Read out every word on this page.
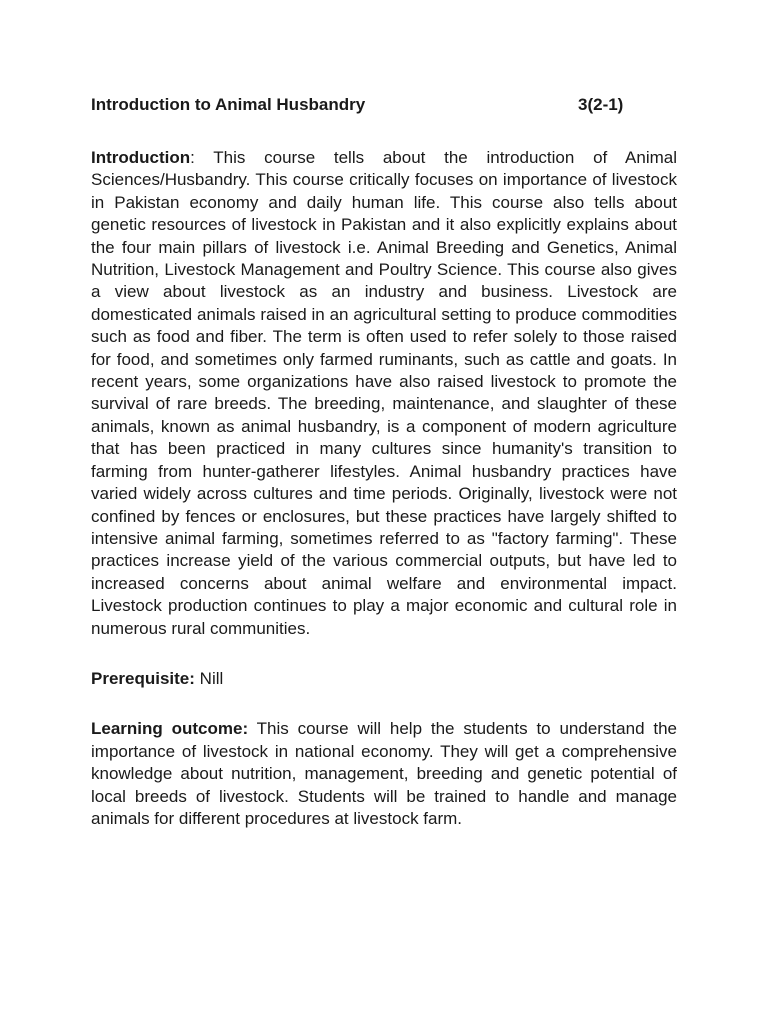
Introduction to Animal Husbandry	3(2-1)

Introduction: This course tells about the introduction of Animal Sciences/Husbandry. This course critically focuses on importance of livestock in Pakistan economy and daily human life. This course also tells about genetic resources of livestock in Pakistan and it also explicitly explains about the four main pillars of livestock i.e. Animal Breeding and Genetics, Animal Nutrition, Livestock Management and Poultry Science. This course also gives a view about livestock as an industry and business. Livestock are domesticated animals raised in an agricultural setting to produce commodities such as food and fiber. The term is often used to refer solely to those raised for food, and sometimes only farmed ruminants, such as cattle and goats. In recent years, some organizations have also raised livestock to promote the survival of rare breeds. The breeding, maintenance, and slaughter of these animals, known as animal husbandry, is a component of modern agriculture that has been practiced in many cultures since humanity's transition to farming from hunter-gatherer lifestyles. Animal husbandry practices have varied widely across cultures and time periods. Originally, livestock were not confined by fences or enclosures, but these practices have largely shifted to intensive animal farming, sometimes referred to as "factory farming". These practices increase yield of the various commercial outputs, but have led to increased concerns about animal welfare and environmental impact. Livestock production continues to play a major economic and cultural role in numerous rural communities.

Prerequisite: Nill

Learning outcome: This course will help the students to understand the importance of livestock in national economy. They will get a comprehensive knowledge about nutrition, management, breeding and genetic potential of local breeds of livestock. Students will be trained to handle and manage animals for different procedures at livestock farm.
